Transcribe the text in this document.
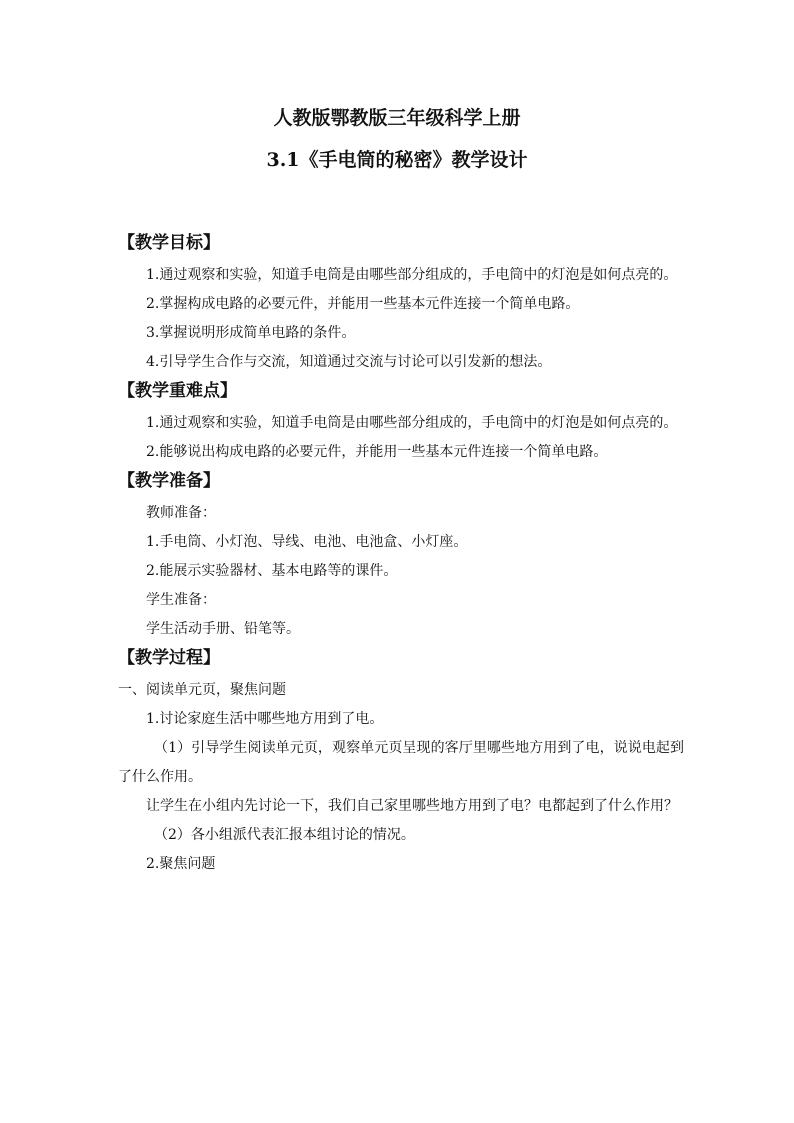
人教版鄂教版三年级科学上册
3.1《手电筒的秘密》教学设计
【教学目标】

1.通过观察和实验，知道手电筒是由哪些部分组成的，手电筒中的灯泡是如何点亮的。

2.掌握构成电路的必要元件，并能用一些基本元件连接一个简单电路。

3.掌握说明形成简单电路的条件。

4.引导学生合作与交流，知道通过交流与讨论可以引发新的想法。

【教学重难点】

1.通过观察和实验，知道手电筒是由哪些部分组成的，手电筒中的灯泡是如何点亮的。

2.能够说出构成电路的必要元件，并能用一些基本元件连接一个简单电路。

【教学准备】

教师准备：

1.手电筒、小灯泡、导线、电池、电池盒、小灯座。

2.能展示实验器材、基本电路等的课件。

学生准备：

学生活动手册、铅笔等。

【教学过程】

一、阅读单元页，聚焦问题

1.讨论家庭生活中哪些地方用到了电。

（1）引导学生阅读单元页，观察单元页呈现的客厅里哪些地方用到了电，说说电起到了什么作用。

让学生在小组内先讨论一下，我们自己家里哪些地方用到了电？电都起到了什么作用？

（2）各小组派代表汇报本组讨论的情况。

2.聚焦问题
